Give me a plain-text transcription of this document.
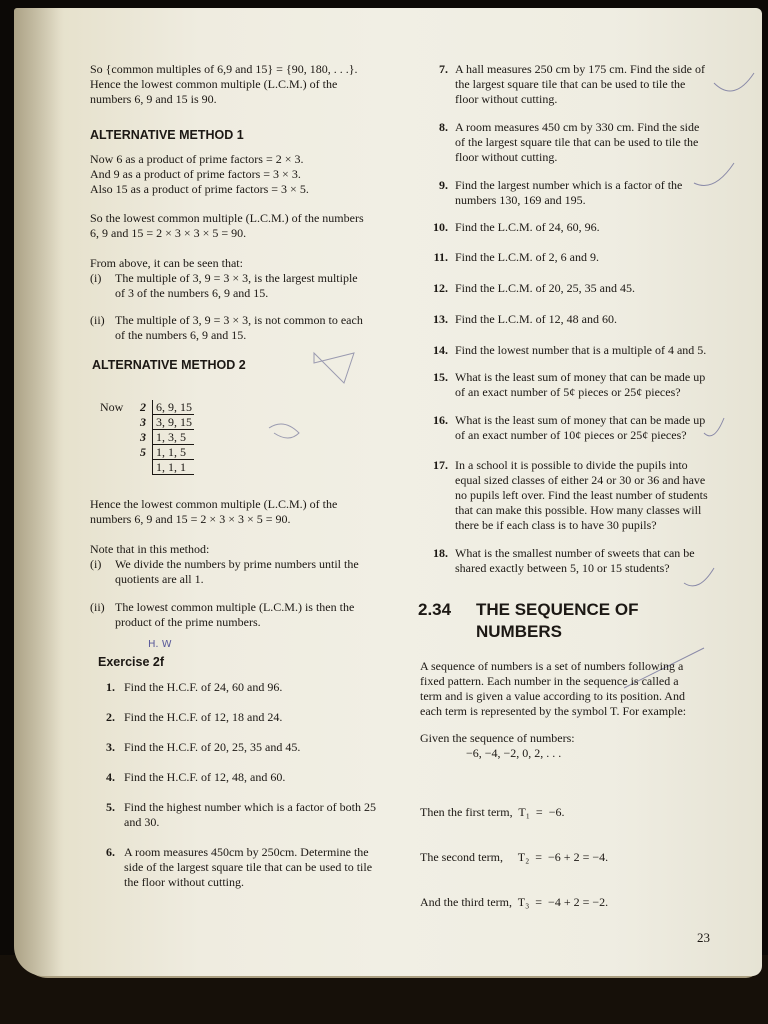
So {common multiples of 6,9 and 15} = {90, 180, . . .}.

Hence the lowest common multiple (L.C.M.) of the

numbers 6, 9 and 15 is 90.

ALTERNATIVE METHOD 1

Now 6 as a product of prime factors = 2 × 3.

And 9 as a product of prime factors = 3 × 3.

Also 15 as a product of prime factors = 3 × 5.

So the lowest common multiple (L.C.M.) of the numbers

6, 9 and 15 = 2 × 3 × 3 × 5 = 90.

From above, it can be seen that:

(i)	The multiple of 3, 9 = 3 × 3, is the largest multiple

of 3 of the numbers 6, 9 and 15.

(ii) The multiple of 3, 9 = 3 × 3, is not common to each

of the numbers 6, 9 and 15.

ALTERNATIVE METHOD 2

Now	2 6, 9, 15
3 3, 9, 15
3 1, 3, 5
5 1, 1, 5
1, 1, 1

Hence the lowest common multiple (L.C.M.) of the

numbers 6, 9 and 15 = 2 × 3 × 3 × 5 = 90.

Note that in this method:

(i)	We divide the numbers by prime numbers until the

quotients are all 1.

(ii) The lowest common multiple (L.C.M.) is then the

product of the prime numbers.

H. W

Exercise 2f

1. Find the H.C.F. of 24, 60 and 96.

2. Find the H.C.F. of 12, 18 and 24.

3. Find the H.C.F. of 20, 25, 35 and 45.

4. Find the H.C.F. of 12, 48, and 60.

5. Find the highest number which is a factor of both 25

and 30.

6. A room measures 450cm by 250cm. Determine the

side of the largest square tile that can be used to tile

the floor without cutting.

7. A hall measures 250 cm by 175 cm. Find the side of

the largest square tile that can be used to tile the

floor without cutting.

8. A room measures 450 cm by 330 cm. Find the side

of the largest square tile that can be used to tile the

floor without cutting.

9. Find the largest number which is a factor of the

numbers 130, 169 and 195.

10. Find the L.C.M. of 24, 60, 96.

11. Find the L.C.M. of 2, 6 and 9.

12. Find the L.C.M. of 20, 25, 35 and 45.

13. Find the L.C.M. of 12, 48 and 60.

14. Find the lowest number that is a multiple of 4 and 5.

15. What is the least sum of money that can be made up

of an exact number of 5¢ pieces or 25¢ pieces?

16. What is the least sum of money that can be made up

of an exact number of 10¢ pieces or 25¢ pieces?

17. In a school it is possible to divide the pupils into

equal sized classes of either 24 or 30 or 36 and have

no pupils left over. Find the least number of students

that can make this possible. How many classes will

there be if each class is to have 30 pupils?

18. What is the smallest number of sweets that can be

shared exactly between 5, 10 or 15 students?

2.34	THE SEQUENCE OF

NUMBERS

A sequence of numbers is a set of numbers following a

fixed pattern. Each number in the sequence is called a

term and is given a value according to its position. And

each term is represented by the symbol T. For example:

Given the sequence of numbers:

−6, −4, −2, 0, 2, . . .

Then the first term,  T₁  =  −6.

The second term,     T₂  =  −6 + 2 = −4.

And the third term,  T₃  =  −4 + 2 = −2.

23
